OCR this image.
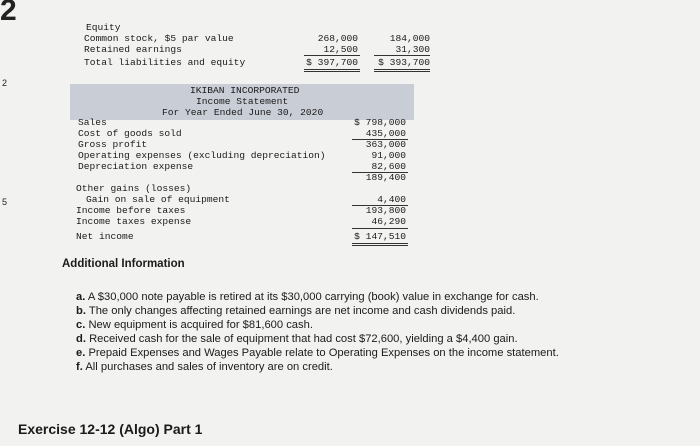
2
2
5
Equity
Common stock, $5 par value	268,000	184,000
Retained earnings	12,500	31,300
Total liabilities and equity	$ 397,700 $ 393,700
IKIBAN INCORPORATED
Income Statement
For Year Ended June 30, 2020
Sales	$ 798,000
Cost of goods sold	435,000
Gross profit	363,000
Operating expenses (excluding depreciation)	91,000
Depreciation expense	82,600
189,400
Other gains (losses)
Gain on sale of equipment	4,400
Income before taxes	193,800
Income taxes expense	46,290
Net income	$ 147,510
Additional Information
a. A $30,000 note payable is retired at its $30,000 carrying (book) value in exchange for cash.
b. The only changes affecting retained earnings are net income and cash dividends paid.
c. New equipment is acquired for $81,600 cash.
d. Received cash for the sale of equipment that had cost $72,600, yielding a $4,400 gain.
e. Prepaid Expenses and Wages Payable relate to Operating Expenses on the income statement.
f. All purchases and sales of inventory are on credit.
Exercise 12-12 (Algo) Part 1
